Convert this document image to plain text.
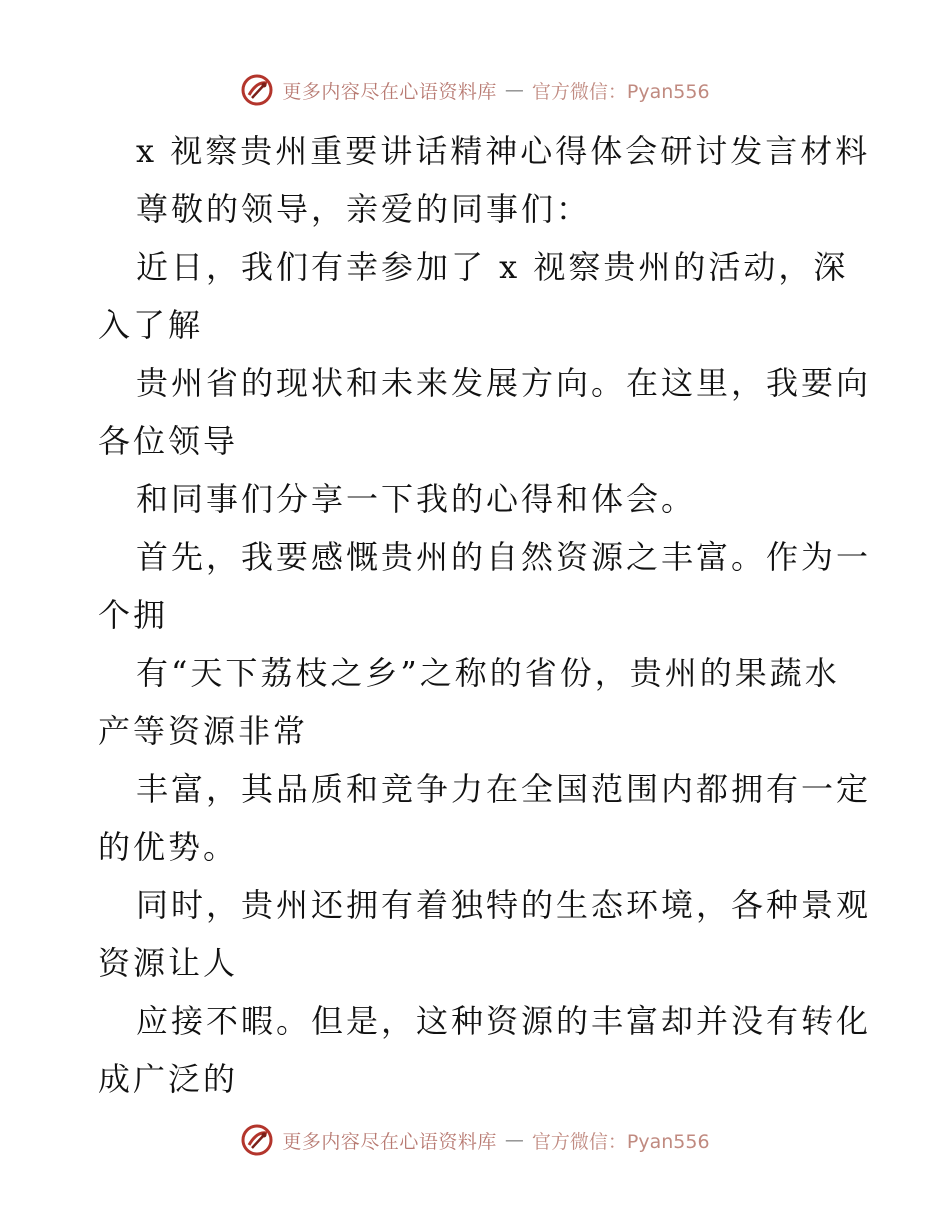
更多内容尽在心语资料库 — 官方微信：Pyan556
x 视察贵州重要讲话精神心得体会研讨发言材料
尊敬的领导，亲爱的同事们：
近日，我们有幸参加了 x 视察贵州的活动，深
入了解
贵州省的现状和未来发展方向。在这里，我要向
各位领导
和同事们分享一下我的心得和体会。
首先，我要感慨贵州的自然资源之丰富。作为一
个拥
有“天下荔枝之乡”之称的省份，贵州的果蔬水
产等资源非常
丰富，其品质和竞争力在全国范围内都拥有一定
的优势。
同时，贵州还拥有着独特的生态环境，各种景观
资源让人
应接不暇。但是，这种资源的丰富却并没有转化
成广泛的
更多内容尽在心语资料库 — 官方微信：Pyan556
